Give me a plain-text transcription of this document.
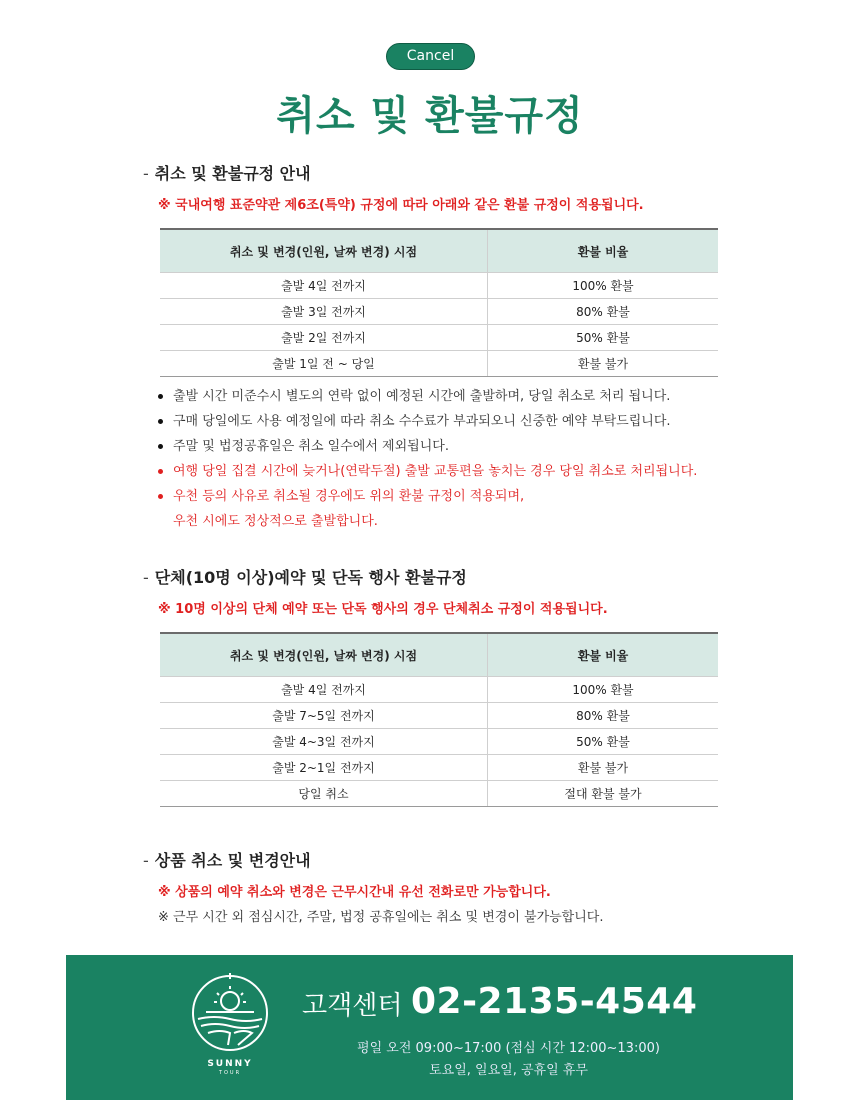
Cancel
취소 및 환불규정
- 취소 및 환불규정 안내
※ 국내여행 표준약관 제6조(특약) 규정에 따라 아래와 같은 환불 규정이 적용됩니다.
취소 및 변경(인원, 날짜 변경) 시점	환불 비율
출발 4일 전까지	100% 환불
출발 3일 전까지	80% 환불
출발 2일 전까지	50% 환불
출발 1일 전 ~ 당일	환불 불가
출발 시간 미준수시 별도의 연락 없이 예정된 시간에 출발하며, 당일 취소로 처리 됩니다.
구매 당일에도 사용 예정일에 따라 취소 수수료가 부과되오니 신중한 예약 부탁드립니다.
주말 및 법정공휴일은 취소 일수에서 제외됩니다.
여행 당일 집결 시간에 늦거나(연락두절) 출발 교통편을 놓치는 경우 당일 취소로 처리됩니다.
우천 등의 사유로 취소될 경우에도 위의 환불 규정이 적용되며,
우천 시에도 정상적으로 출발합니다.
- 단체(10명 이상)예약 및 단독 행사 환불규정
※ 10명 이상의 단체 예약 또는 단독 행사의 경우 단체취소 규정이 적용됩니다.
취소 및 변경(인원, 날짜 변경) 시점	환불 비율
출발 4일 전까지	100% 환불
출발 7~5일 전까지	80% 환불
출발 4~3일 전까지	50% 환불
출발 2~1일 전까지	환불 불가
당일 취소	절대 환불 불가
- 상품 취소 및 변경안내
※ 상품의 예약 취소와 변경은 근무시간내 유선 전화로만 가능합니다.
※ 근무 시간 외 점심시간, 주말, 법정 공휴일에는 취소 및 변경이 불가능합니다.
SUNNY
TOUR
고객센터 02-2135-4544
평일 오전 09:00~17:00 (점심 시간 12:00~13:00)
토요일, 일요일, 공휴일 휴무
